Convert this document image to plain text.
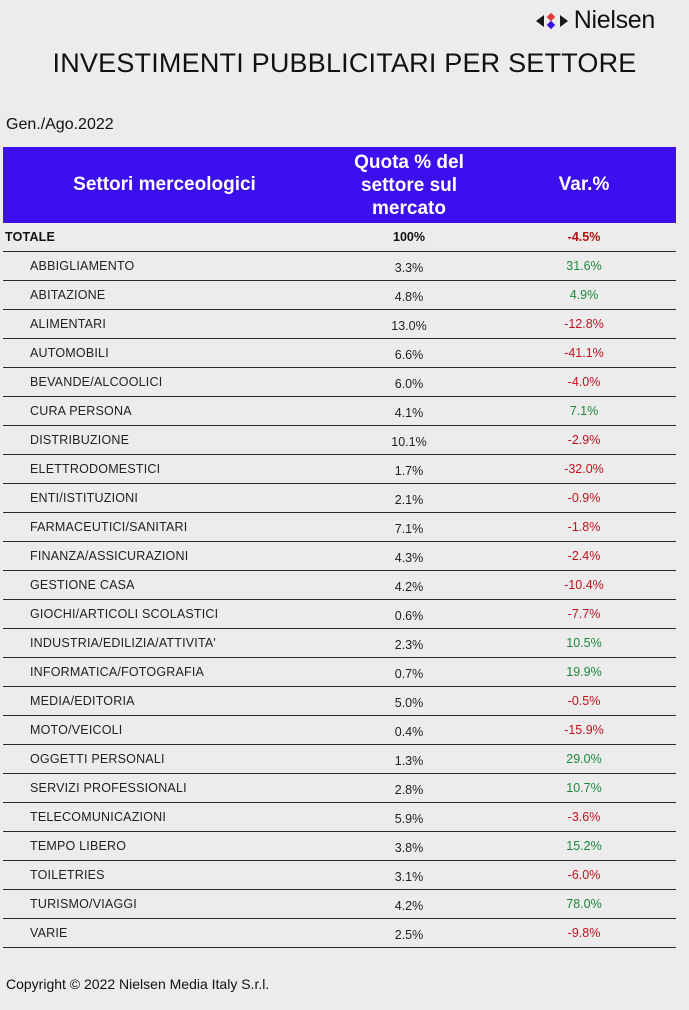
Nielsen
INVESTIMENTI PUBBLICITARI PER SETTORE
Gen./Ago.2022
Settori merceologici
Quota % del
settore sul
mercato
Var.%
TOTALE	100%	-4.5%
ABBIGLIAMENTO	3.3%	31.6%
ABITAZIONE	4.8%	4.9%
ALIMENTARI	13.0%	-12.8%
AUTOMOBILI	6.6%	-41.1%
BEVANDE/ALCOOLICI	6.0%	-4.0%
CURA PERSONA	4.1%	7.1%
DISTRIBUZIONE	10.1%	-2.9%
ELETTRODOMESTICI	1.7%	-32.0%
ENTI/ISTITUZIONI	2.1%	-0.9%
FARMACEUTICI/SANITARI	7.1%	-1.8%
FINANZA/ASSICURAZIONI	4.3%	-2.4%
GESTIONE CASA	4.2%	-10.4%
GIOCHI/ARTICOLI SCOLASTICI	0.6%	-7.7%
INDUSTRIA/EDILIZIA/ATTIVITA'	2.3%	10.5%
INFORMATICA/FOTOGRAFIA	0.7%	19.9%
MEDIA/EDITORIA	5.0%	-0.5%
MOTO/VEICOLI	0.4%	-15.9%
OGGETTI PERSONALI	1.3%	29.0%
SERVIZI PROFESSIONALI	2.8%	10.7%
TELECOMUNICAZIONI	5.9%	-3.6%
TEMPO LIBERO	3.8%	15.2%
TOILETRIES	3.1%	-6.0%
TURISMO/VIAGGI	4.2%	78.0%
VARIE	2.5%	-9.8%
Copyright © 2022 Nielsen Media Italy S.r.l.
